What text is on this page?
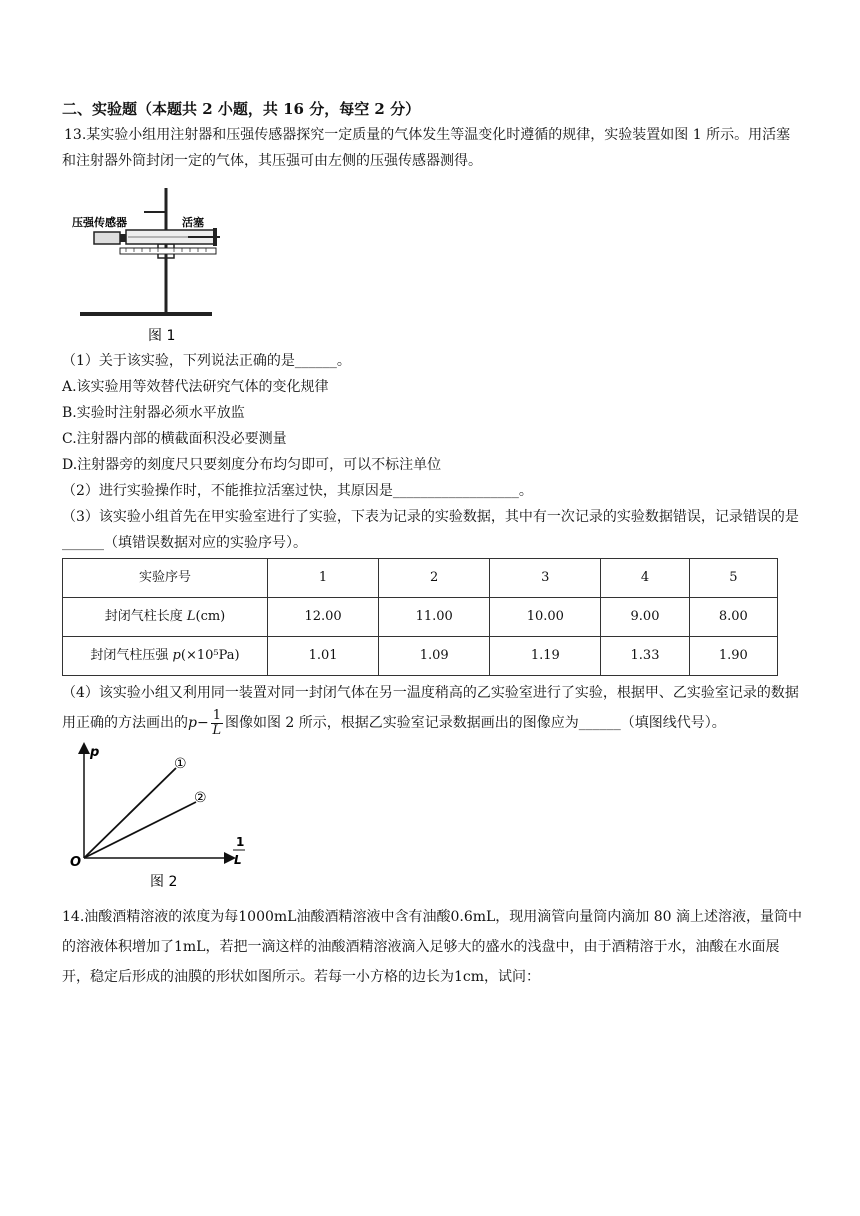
二、实验题（本题共 2 小题，共 16 分，每空 2 分）

13.某实验小组用注射器和压强传感器探究一定质量的气体发生等温变化时遵循的规律，实验装置如图 1 所示。用活塞和注射器外筒封闭一定的气体，其压强可由左侧的压强传感器测得。

压强传感器	活塞
图 1

（1）关于该实验，下列说法正确的是______。

A.该实验用等效替代法研究气体的变化规律

B.实验时注射器必须水平放监

C.注射器内部的横截面积没必要测量

D.注射器旁的刻度尺只要刻度分布均匀即可，可以不标注单位

（2）进行实验操作时，不能推拉活塞过快，其原因是__________________。

（3）该实验小组首先在甲实验室进行了实验，下表为记录的实验数据，其中有一次记录的实验数据错误，记录错误的是______（填错误数据对应的实验序号）。

实验序号	1	2	3	4	5
封闭气柱长度 L(cm)	12.00	11.00	10.00	9.00	8.00
封闭气柱压强 p(×10⁵Pa)	1.01	1.09	1.19	1.33	1.90

（4）该实验小组又利用同一装置对同一封闭气体在另一温度稍高的乙实验室进行了实验，根据甲、乙实验室记录的数据用正确的方法画出的$p- \frac{1}{L}$ 图像如图 2 所示，根据乙实验室记录数据画出的图像应为______（填图线代号）。

p
1
L
O
①
②
图 2

14.油酸酒精溶液的浓度为每1000mL油酸酒精溶液中含有油酸0.6mL，现用滴管向量筒内滴加 80 滴上述溶液，量筒中的溶液体积增加了1mL，若把一滴这样的油酸酒精溶液滴入足够大的盛水的浅盘中，由于酒精溶于水，油酸在水面展开，稳定后形成的油膜的形状如图所示。若每一小方格的边长为1cm，试问：
